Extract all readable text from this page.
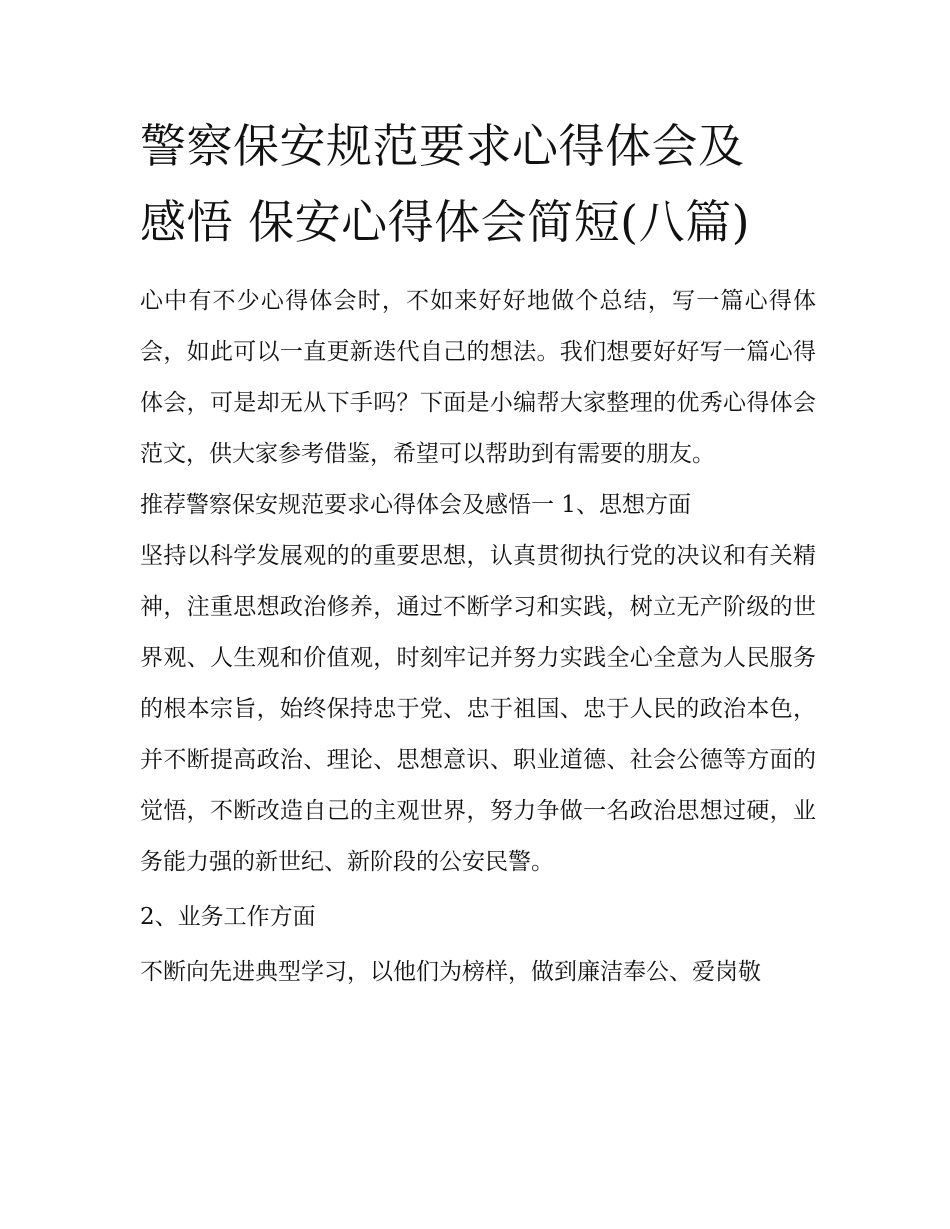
警察保安规范要求心得体会及
感悟 保安心得体会简短(八篇)

心中有不少心得体会时，不如来好好地做个总结，写一篇心得体会，如此可以一直更新迭代自己的想法。我们想要好好写一篇心得体会，可是却无从下手吗？下面是小编帮大家整理的优秀心得体会范文，供大家参考借鉴，希望可以帮助到有需要的朋友。

推荐警察保安规范要求心得体会及感悟一 1、思想方面

坚持以科学发展观的的重要思想，认真贯彻执行党的决议和有关精神，注重思想政治修养，通过不断学习和实践，树立无产阶级的世界观、人生观和价值观，时刻牢记并努力实践全心全意为人民服务的根本宗旨，始终保持忠于党、忠于祖国、忠于人民的政治本色，并不断提高政治、理论、思想意识、职业道德、社会公德等方面的觉悟，不断改造自己的主观世界，努力争做一名政治思想过硬，业务能力强的新世纪、新阶段的公安民警。

2、业务工作方面

不断向先进典型学习，以他们为榜样，做到廉洁奉公、爱岗敬
